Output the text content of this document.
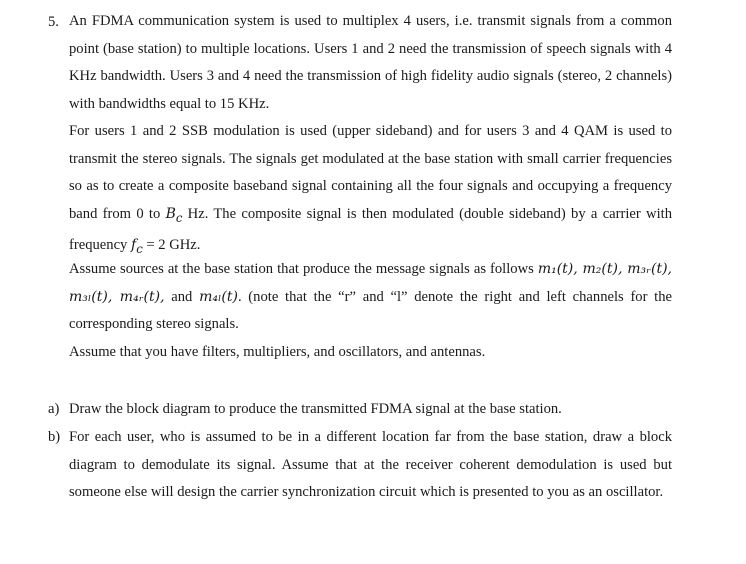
5. An FDMA communication system is used to multiplex 4 users, i.e. transmit signals from a common point (base station) to multiple locations. Users 1 and 2 need the transmission of speech signals with 4 KHz bandwidth. Users 3 and 4 need the transmission of high fidelity audio signals (stereo, 2 channels) with bandwidths equal to 15 KHz.

For users 1 and 2 SSB modulation is used (upper sideband) and for users 3 and 4 QAM is used to transmit the stereo signals. The signals get modulated at the base station with small carrier frequencies so as to create a composite baseband signal containing all the four signals and occupying a frequency band from 0 to $B_c$ Hz. The composite signal is then modulated (double sideband) by a carrier with frequency $f_c = 2$ GHz.

Assume sources at the base station that produce the message signals as follows m₁(t), m₂(t), m₃ᵣ(t), m₃ₗ(t), m₄ᵣ(t), and m₄ₗ(t). (note that the “r” and “l” denote the right and left channels for the corresponding stereo signals.

Assume that you have filters, multipliers, and oscillators, and antennas.

a) Draw the block diagram to produce the transmitted FDMA signal at the base station.

b) For each user, who is assumed to be in a different location far from the base station, draw a block diagram to demodulate its signal. Assume that at the receiver coherent demodulation is used but someone else will design the carrier synchronization circuit which is presented to you as an oscillator.
